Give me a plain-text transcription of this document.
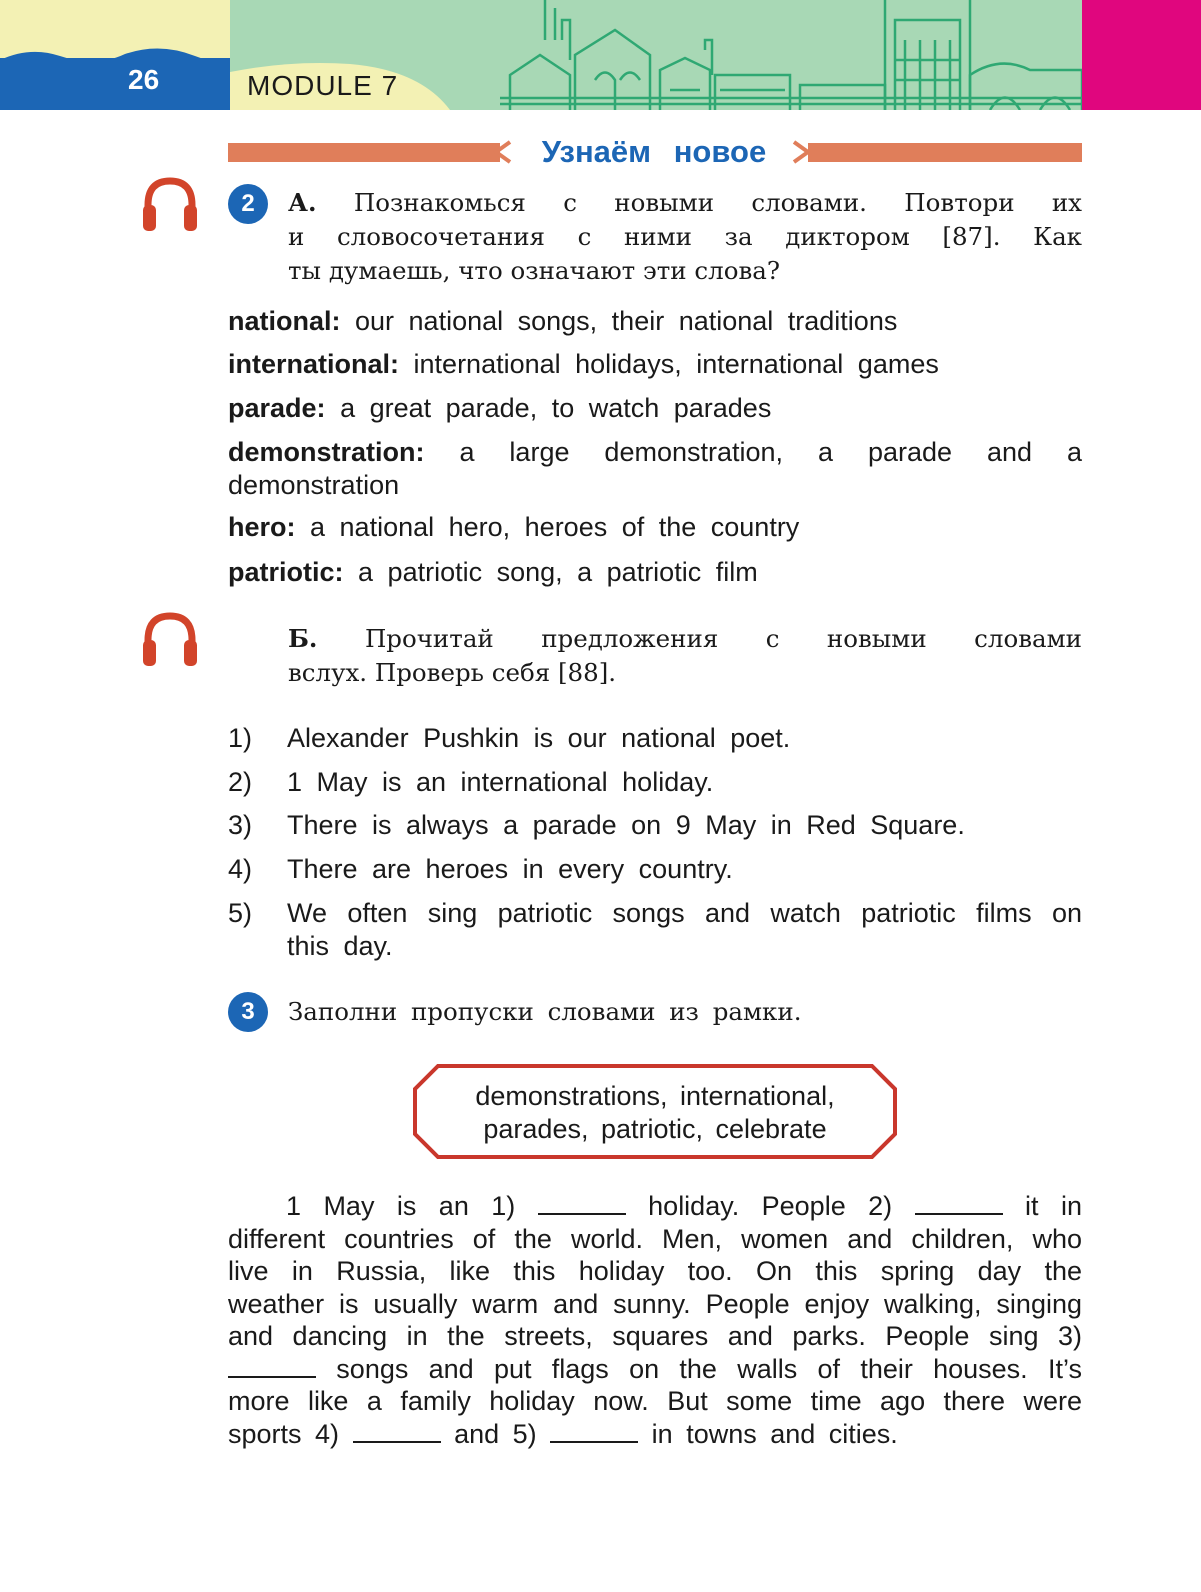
26	MODULE 7
Узнаём новое
2	А. Познакомься с новыми словами. Повтори их
и словосочетания с ними за диктором [87]. Как
ты думаешь, что означают эти слова?
national: our national songs, their national traditions
international: international holidays, international games
parade: a great parade, to watch parades
demonstration: a large demonstration, a parade and a demonstration
hero: a national hero, heroes of the country
patriotic: a patriotic song, a patriotic film
Б. Прочитай предложения с новыми словами
вслух. Проверь себя [88].
1) Alexander Pushkin is our national poet.
2) 1 May is an international holiday.
3) There is always a parade on 9 May in Red Square.
4) There are heroes in every country.
5) We often sing patriotic songs and watch patriotic films on this day.
3	Заполни пропуски словами из рамки.
demonstrations, international,
parades, patriotic, celebrate
1 May is an 1)	holiday. People 2)	it in different countries of the world. Men, women and children, who live in Russia, like this holiday too. On this spring day the weather is usually warm and sunny. People enjoy walking, singing and dancing in the streets, squares and parks. People sing 3)  songs and put flags on the walls of their houses. It’s more like a family holiday now. But some time ago there were sports 4)	and 5)	in towns and cities.
